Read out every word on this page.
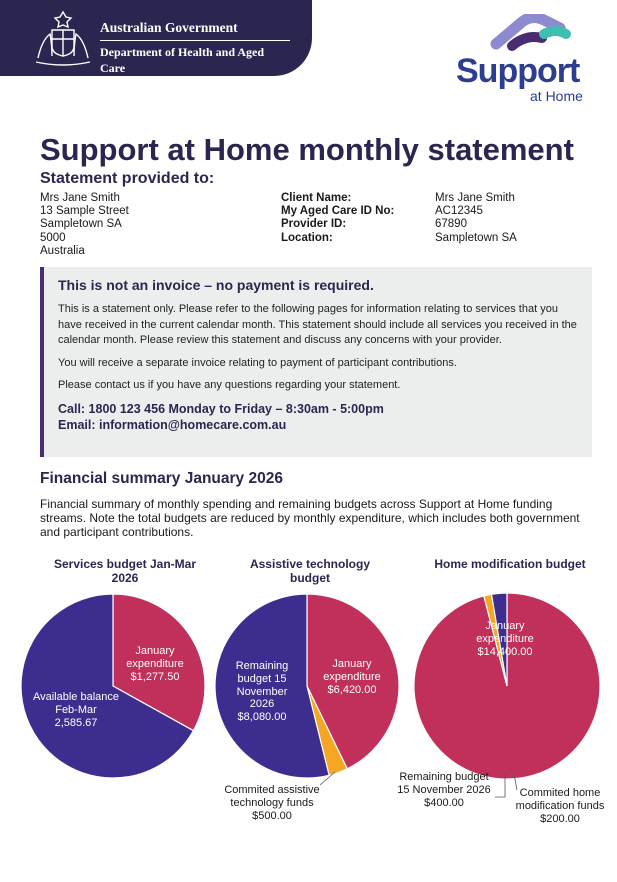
Australian Government
Department of Health and Aged Care	Support
at Home
Support at Home monthly statement
Statement provided to:
Mrs Jane Smith
13 Sample Street
Sampletown SA
5000
Australia
Client Name:
My Aged Care ID No:
Provider ID:
Location:
Mrs Jane Smith
AC12345
67890
Sampletown SA
This is not an invoice – no payment is required.

This is a statement only. Please refer to the following pages for information relating to services that you have received in the current calendar month. This statement should include all services you received in the calendar month. Please review this statement and discuss any concerns with your provider.

You will receive a separate invoice relating to payment of participant contributions.

Please contact us if you have any questions regarding your statement.

Call: 1800 123 456 Monday to Friday – 8:30am - 5:00pm
Email: information@homecare.com.au
Financial summary January 2026
Financial summary of monthly spending and remaining budgets across Support at Home funding streams. Note the total budgets are reduced by monthly expenditure, which includes both government and participant contributions.
Services budget Jan-Mar 2026
Assistive technology budget
Home modification budget
January expenditure
$1,277.50
Available balance Feb-Mar
2,585.67
January expenditure
$6,420.00
Remaining budget 15 November 2026
$8,080.00
Commited assistive technology funds
$500.00
January expenditure
$14,400.00
Remaining budget 15 November 2026
$400.00
Commited home modification funds
$200.00
